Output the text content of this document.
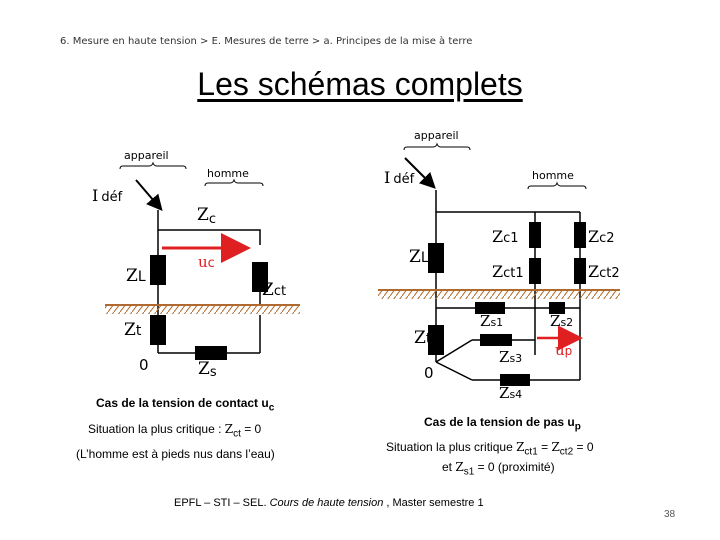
6. Mesure en haute tension > E. Mesures de terre > a. Principes de la mise à terre
Les schémas complets
appareil
homme
I déf
Zc
uc
ZL
Zct
Zt
0	Zs
appareil
homme
I déf
Zc1	Zc2
ZL
Zct1	Zct2
Zs1	Zs2
Zt
Zs3 up
0
Zs4
Cas de la tension de contact $u_c$
Situation la plus critique : $Z_{ct} = 0$
(L’homme est à pieds nus dans l’eau)
Cas de la tension de pas $u_p$
Situation la plus critique $Z_{ct1} = Z_{ct2} = 0$
et $Z_{s1} = 0$ (proximité)
EPFL – STI – SEL. Cours de haute tension , Master semestre 1
38
